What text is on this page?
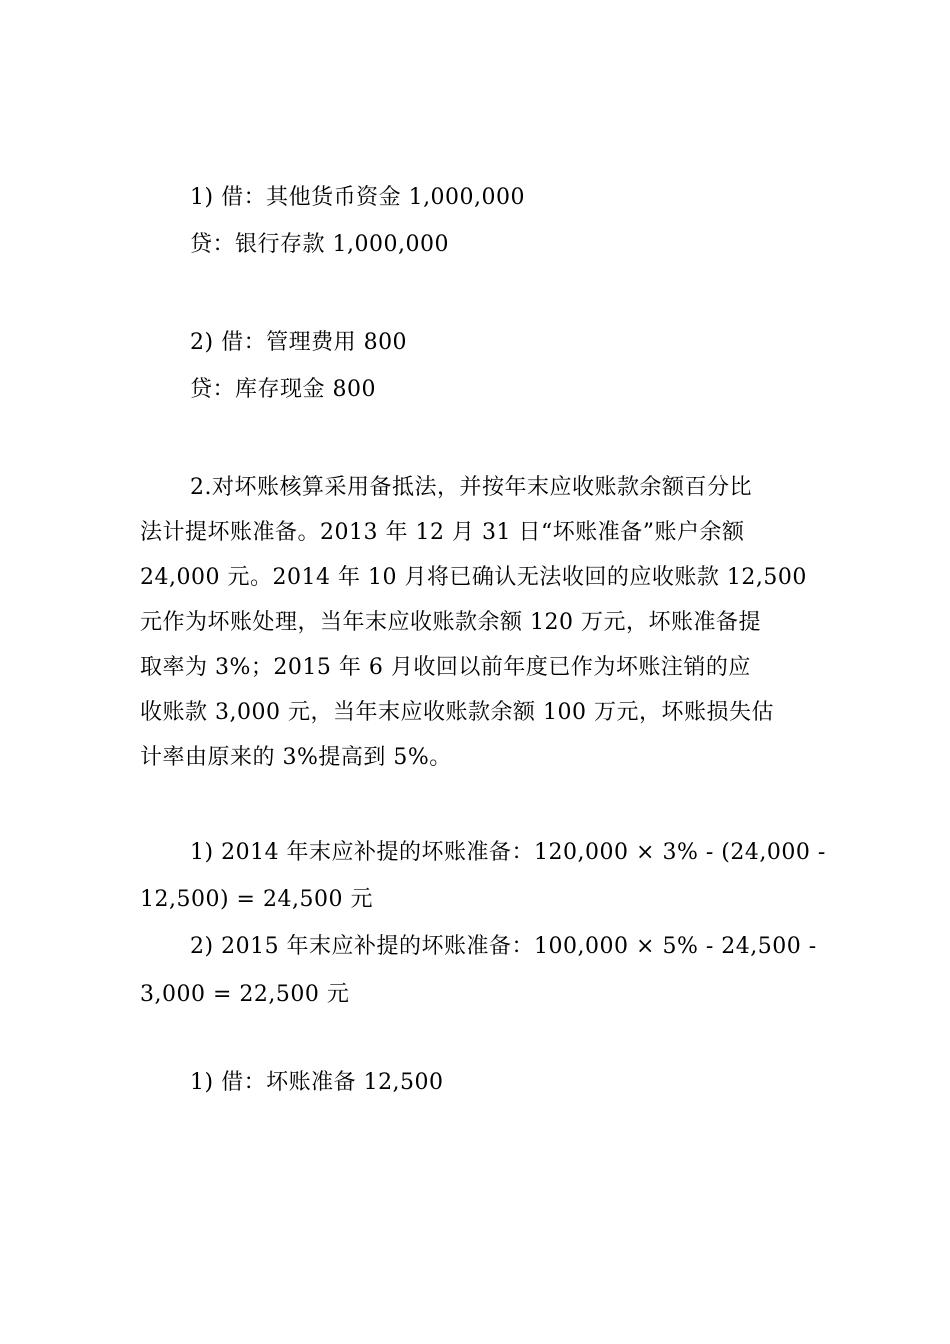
1) 借：其他货币资金 1,000,000
贷：银行存款 1,000,000
2) 借：管理费用 800
贷：库存现金 800
2.对坏账核算采用备抵法，并按年末应收账款余额百分比
法计提坏账准备。2013 年 12 月 31 日“坏账准备”账户余额
24,000 元。2014 年 10 月将已确认无法收回的应收账款 12,500
元作为坏账处理，当年末应收账款余额 120 万元，坏账准备提
取率为 3%；2015 年 6 月收回以前年度已作为坏账注销的应
收账款 3,000 元，当年末应收账款余额 100 万元，坏账损失估
计率由原来的 3%提高到 5%。
1) 2014 年末应补提的坏账准备：120,000 × 3% - (24,000 -
12,500) = 24,500 元
2) 2015 年末应补提的坏账准备：100,000 × 5% - 24,500 -
3,000 = 22,500 元
1) 借：坏账准备 12,500
